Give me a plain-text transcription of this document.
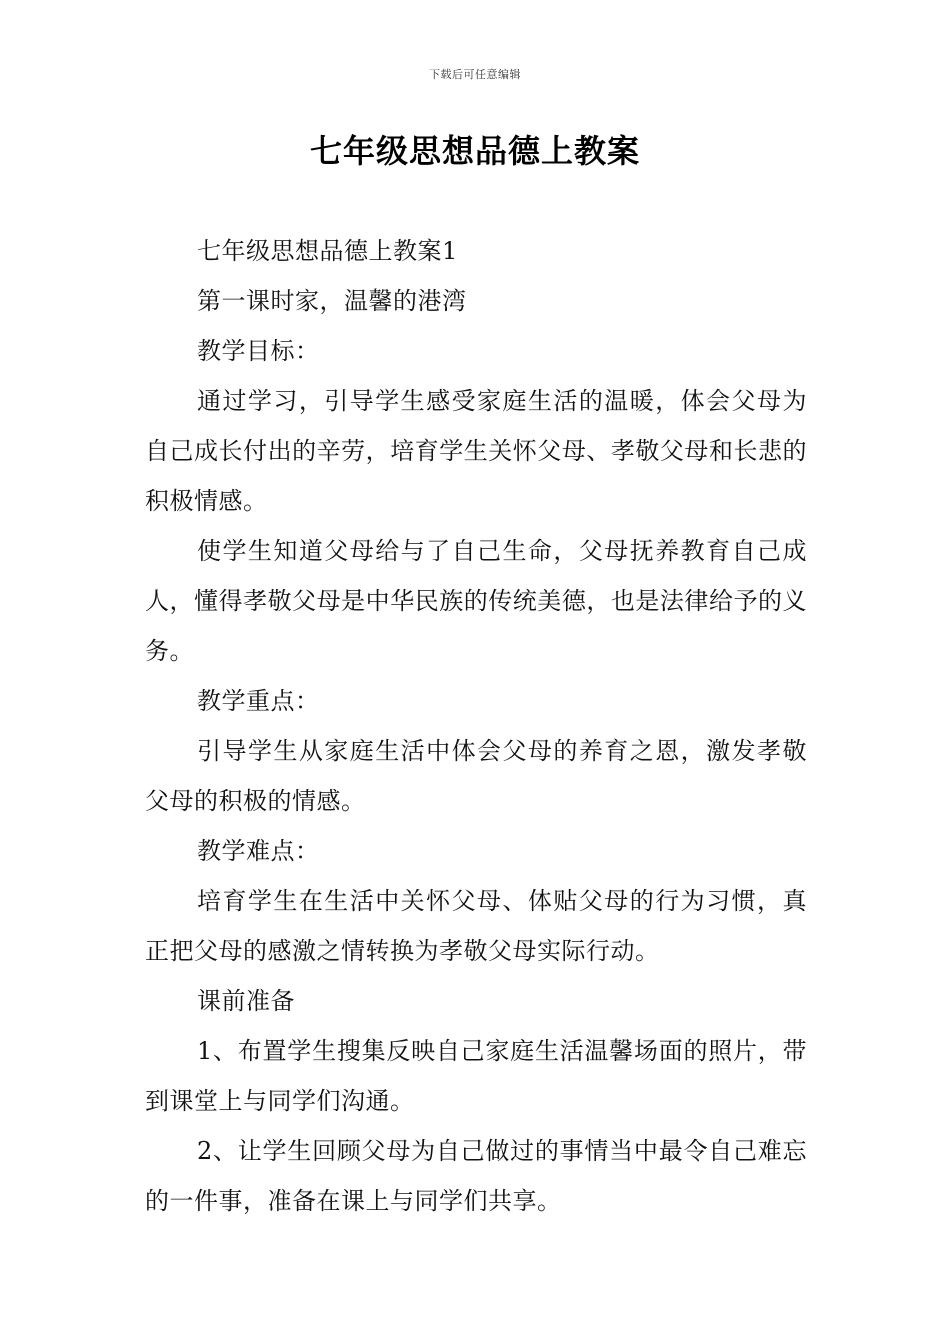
下载后可任意编辑
七年级思想品德上教案

七年级思想品德上教案1

第一课时家，温馨的港湾

教学目标：

通过学习，引导学生感受家庭生活的温暖，体会父母为自己成长付出的辛劳，培育学生关怀父母、孝敬父母和长悲的积极情感。

使学生知道父母给与了自己生命，父母抚养教育自己成人，懂得孝敬父母是中华民族的传统美德，也是法律给予的义务。

教学重点：

引导学生从家庭生活中体会父母的养育之恩，激发孝敬父母的积极的情感。

教学难点：

培育学生在生活中关怀父母、体贴父母的行为习惯，真正把父母的感激之情转换为孝敬父母实际行动。

课前准备

1、布置学生搜集反映自己家庭生活温馨场面的照片，带到课堂上与同学们沟通。

2、让学生回顾父母为自己做过的事情当中最令自己难忘的一件事，准备在课上与同学们共享。
